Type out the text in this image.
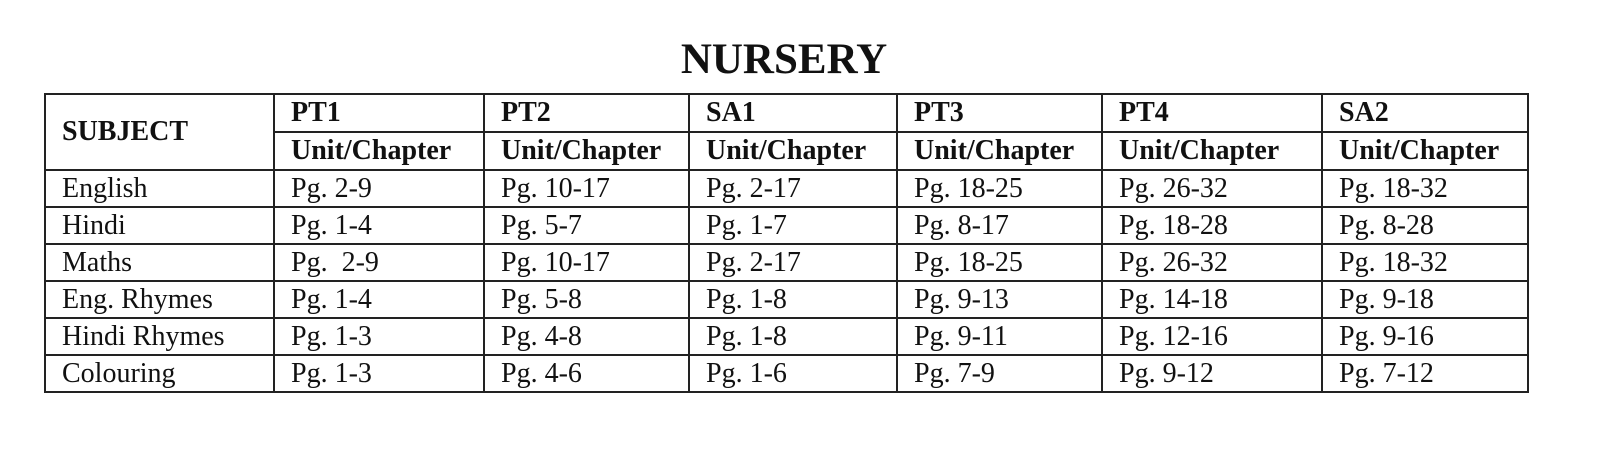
NURSERY
SUBJECT	PT1	PT2	SA1	PT3	PT4	SA2
	Unit/Chapter	Unit/Chapter	Unit/Chapter	Unit/Chapter	Unit/Chapter	Unit/Chapter
English	Pg. 2-9	Pg. 10-17	Pg. 2-17	Pg. 18-25	Pg. 26-32	Pg. 18-32
Hindi	Pg. 1-4	Pg. 5-7	Pg. 1-7	Pg. 8-17	Pg. 18-28	Pg. 8-28
Maths	Pg.  2-9	Pg. 10-17	Pg. 2-17	Pg. 18-25	Pg. 26-32	Pg. 18-32
Eng. Rhymes	Pg. 1-4	Pg. 5-8	Pg. 1-8	Pg. 9-13	Pg. 14-18	Pg. 9-18
Hindi Rhymes	Pg. 1-3	Pg. 4-8	Pg. 1-8	Pg. 9-11	Pg. 12-16	Pg. 9-16
Colouring	Pg. 1-3	Pg. 4-6	Pg. 1-6	Pg. 7-9	Pg. 9-12	Pg. 7-12
